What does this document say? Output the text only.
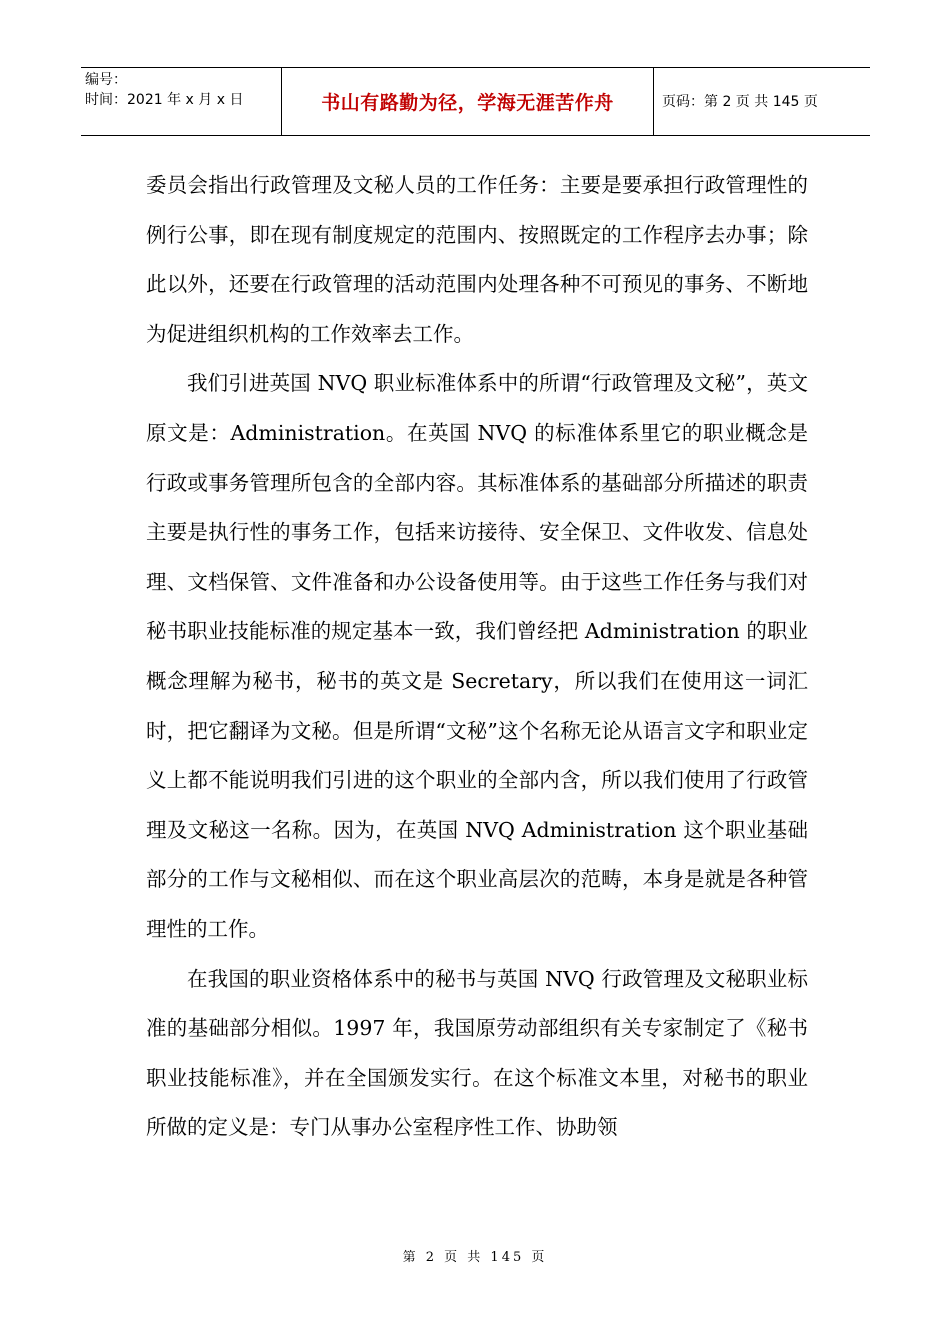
编号：
时间：2021 年 x 月 x 日	书山有路勤为径，学海无涯苦作舟	页码：第 2 页 共 145 页

委员会指出行政管理及文秘人员的工作任务：主要是要承担行政管理性的例行公事，即在现有制度规定的范围内、按照既定的工作程序去办事；除此以外，还要在行政管理的活动范围内处理各种不可预见的事务、不断地为促进组织机构的工作效率去工作。

我们引进英国 NVQ 职业标准体系中的所谓“行政管理及文秘”，英文原文是：Administration。在英国 NVQ 的标准体系里它的职业概念是行政或事务管理所包含的全部内容。其标准体系的基础部分所描述的职责主要是执行性的事务工作，包括来访接待、安全保卫、文件收发、信息处理、文档保管、文件准备和办公设备使用等。由于这些工作任务与我们对秘书职业技能标准的规定基本一致，我们曾经把 Administration 的职业概念理解为秘书，秘书的英文是 Secretary，所以我们在使用这一词汇时，把它翻译为文秘。但是所谓“文秘”这个名称无论从语言文字和职业定义上都不能说明我们引进的这个职业的全部内含，所以我们使用了行政管理及文秘这一名称。因为，在英国 NVQ Administration 这个职业基础部分的工作与文秘相似、而在这个职业高层次的范畴，本身是就是各种管理性的工作。

在我国的职业资格体系中的秘书与英国 NVQ 行政管理及文秘职业标准的基础部分相似。1997 年，我国原劳动部组织有关专家制定了《秘书职业技能标准》，并在全国颁发实行。在这个标准文本里，对秘书的职业所做的定义是：专门从事办公室程序性工作、协助领

第 2 页 共 145 页
